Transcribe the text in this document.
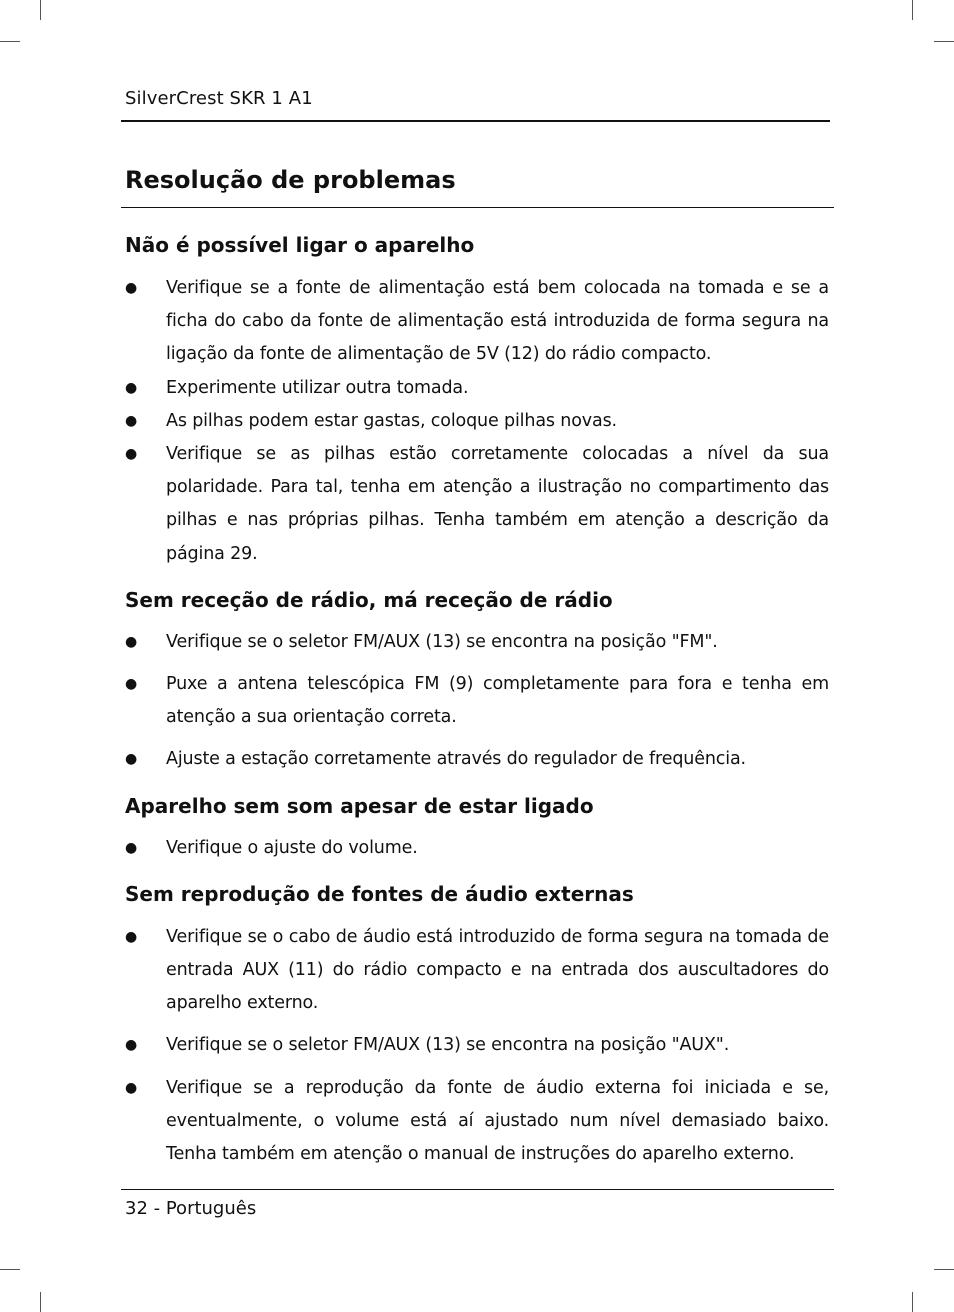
SilverCrest SKR 1 A1
Resolução de problemas
Não é possível ligar o aparelho
● Verifique se a fonte de alimentação está bem colocada na tomada e se a ficha do cabo da fonte de alimentação está introduzida de forma segura na ligação da fonte de alimentação de 5V (12) do rádio compacto.
● Experimente utilizar outra tomada.
● As pilhas podem estar gastas, coloque pilhas novas.
● Verifique se as pilhas estão corretamente colocadas a nível da sua polaridade. Para tal, tenha em atenção a ilustração no compartimento das pilhas e nas próprias pilhas. Tenha também em atenção a descrição da página 29.
Sem receção de rádio, má receção de rádio
● Verifique se o seletor FM/AUX (13) se encontra na posição "FM".
● Puxe a antena telescópica FM (9) completamente para fora e tenha em atenção a sua orientação correta.
● Ajuste a estação corretamente através do regulador de frequência.
Aparelho sem som apesar de estar ligado
● Verifique o ajuste do volume.
Sem reprodução de fontes de áudio externas
● Verifique se o cabo de áudio está introduzido de forma segura na tomada de entrada AUX (11) do rádio compacto e na entrada dos auscultadores do aparelho externo.
● Verifique se o seletor FM/AUX (13) se encontra na posição "AUX".
● Verifique se a reprodução da fonte de áudio externa foi iniciada e se, eventualmente, o volume está aí ajustado num nível demasiado baixo. Tenha também em atenção o manual de instruções do aparelho externo.
32 - Português
